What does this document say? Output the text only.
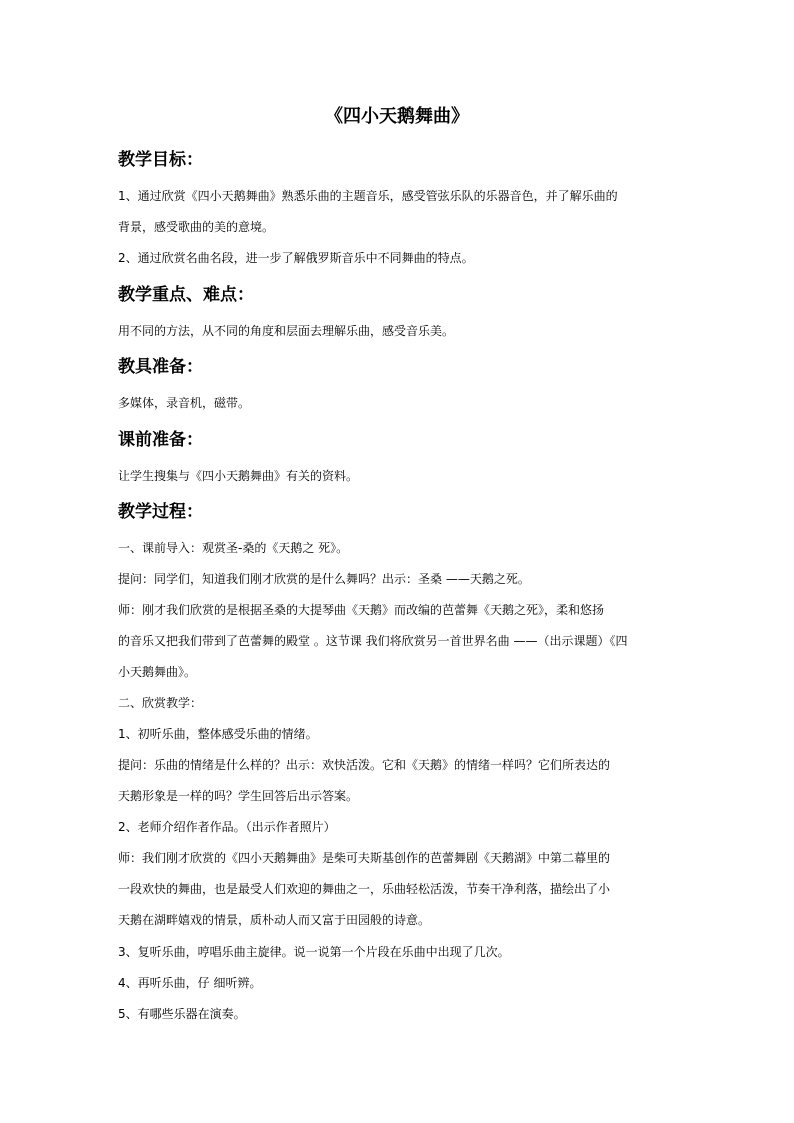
《四小天鹅舞曲》
教学目标：
1、通过欣赏《四小天鹅舞曲》熟悉乐曲的主题音乐，感受管弦乐队的乐器音色，并了解乐曲的
背景，感受歌曲的美的意境。
2、通过欣赏名曲名段，进一步了解俄罗斯音乐中不同舞曲的特点。
教学重点、难点：
用不同的方法，从不同的角度和层面去理解乐曲，感受音乐美。
教具准备：
多媒体，录音机，磁带。
课前准备：
让学生搜集与《四小天鹅舞曲》有关的资料。
教学过程：
一、课前导入：观赏圣-桑的《天鹅之 死》。
提问：同学们，知道我们刚才欣赏的是什么舞吗？出示：圣桑 ——天鹅之死。
师：刚才我们欣赏的是根据圣桑的大提琴曲《天鹅》而改编的芭蕾舞《天鹅之死》，柔和悠扬
的音乐又把我们带到了芭蕾舞的殿堂 。这节课 我们将欣赏另一首世界名曲 ——（出示课题）《四
小天鹅舞曲》。
二、欣赏教学：
1、初听乐曲，整体感受乐曲的情绪。
提问：乐曲的情绪是什么样的？出示：欢快活泼。它和《天鹅》的情绪一样吗？它们所表达的
天鹅形象是一样的吗？学生回答后出示答案。
2、老师介绍作者作品。（出示作者照片）
师：我们刚才欣赏的《四小天鹅舞曲》是柴可夫斯基创作的芭蕾舞剧《天鹅湖》中第二幕里的
一段欢快的舞曲，也是最受人们欢迎的舞曲之一，乐曲轻松活泼，节奏干净利落，描绘出了小
天鹅在湖畔嬉戏的情景，质朴动人而又富于田园般的诗意。
3、复听乐曲，哼唱乐曲主旋律。说一说第一个片段在乐曲中出现了几次。
4、再听乐曲，仔 细听辨。
5、有哪些乐器在演奏。
